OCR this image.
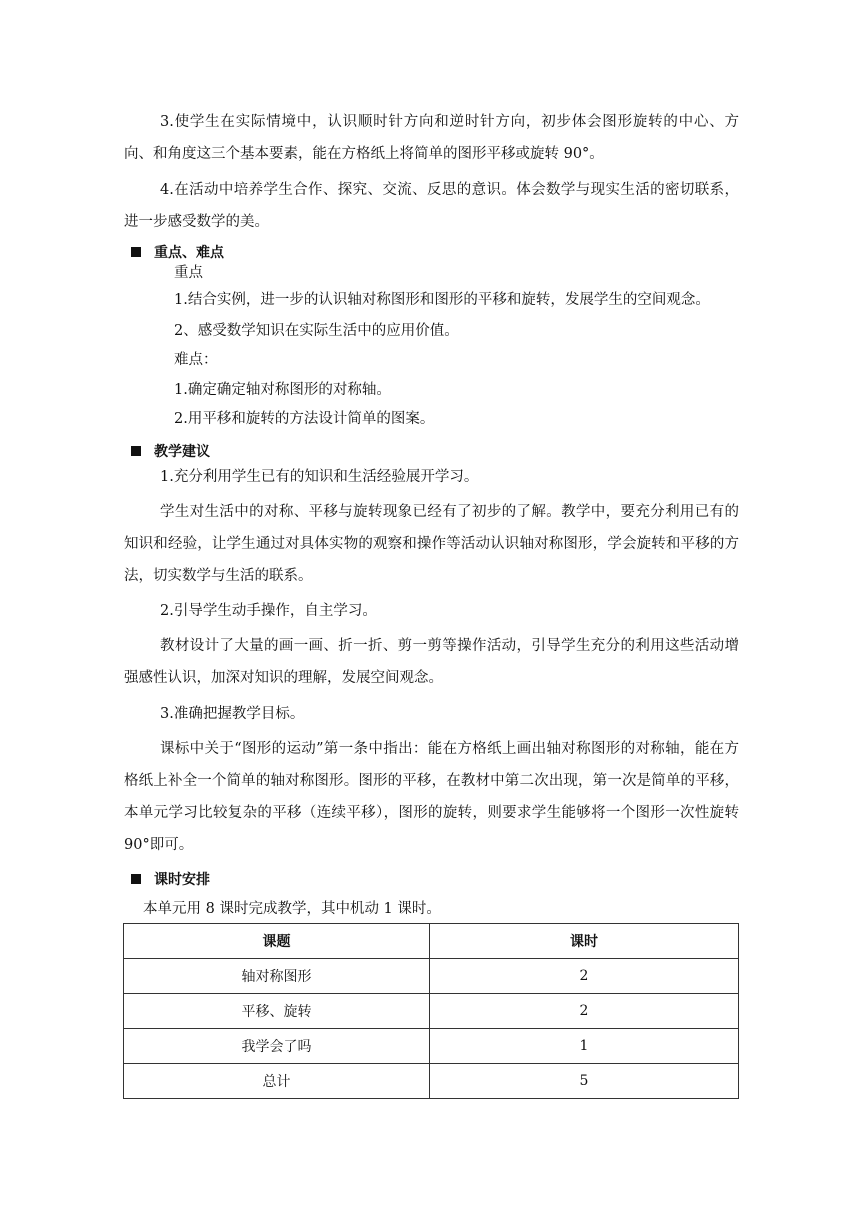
3.使学生在实际情境中，认识顺时针方向和逆时针方向，初步体会图形旋转的中心、方向、和角度这三个基本要素，能在方格纸上将简单的图形平移或旋转 90°。
4.在活动中培养学生合作、探究、交流、反思的意识。体会数学与现实生活的密切联系，进一步感受数学的美。
重点、难点
重点
1.结合实例，进一步的认识轴对称图形和图形的平移和旋转，发展学生的空间观念。
2、感受数学知识在实际生活中的应用价值。
难点：
1.确定确定轴对称图形的对称轴。
2.用平移和旋转的方法设计简单的图案。
教学建议
1.充分利用学生已有的知识和生活经验展开学习。
学生对生活中的对称、平移与旋转现象已经有了初步的了解。教学中，要充分利用已有的知识和经验，让学生通过对具体实物的观察和操作等活动认识轴对称图形，学会旋转和平移的方法，切实数学与生活的联系。
2.引导学生动手操作，自主学习。
教材设计了大量的画一画、折一折、剪一剪等操作活动，引导学生充分的利用这些活动增强感性认识，加深对知识的理解，发展空间观念。
3.准确把握教学目标。
课标中关于“图形的运动”第一条中指出：能在方格纸上画出轴对称图形的对称轴，能在方格纸上补全一个简单的轴对称图形。图形的平移，在教材中第二次出现，第一次是简单的平移，本单元学习比较复杂的平移（连续平移），图形的旋转，则要求学生能够将一个图形一次性旋转 90°即可。
课时安排
本单元用 8 课时完成教学，其中机动 1 课时。
课题	课时
轴对称图形	2
平移、旋转	2
我学会了吗	1
总计	5
